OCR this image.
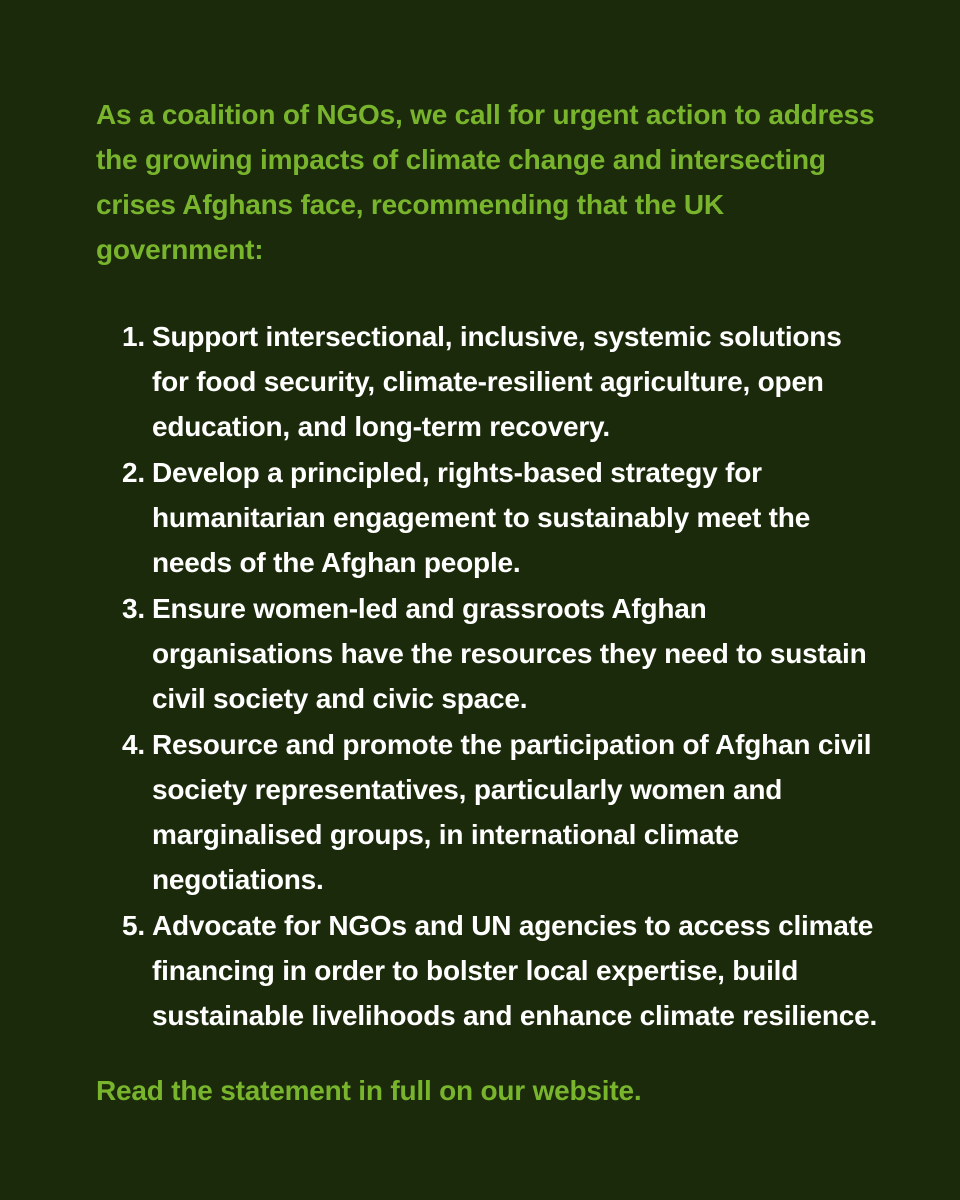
As a coalition of NGOs, we call for urgent action to address the growing impacts of climate change and intersecting crises Afghans face, recommending that the UK government:

1. Support intersectional, inclusive, systemic solutions for food security, climate-resilient agriculture, open education, and long-term recovery.
2. Develop a principled, rights-based strategy for humanitarian engagement to sustainably meet the needs of the Afghan people.
3. Ensure women-led and grassroots Afghan organisations have the resources they need to sustain civil society and civic space.
4. Resource and promote the participation of Afghan civil society representatives, particularly women and marginalised groups, in international climate negotiations.
5. Advocate for NGOs and UN agencies to access climate financing in order to bolster local expertise, build sustainable livelihoods and enhance climate resilience.

Read the statement in full on our website.
